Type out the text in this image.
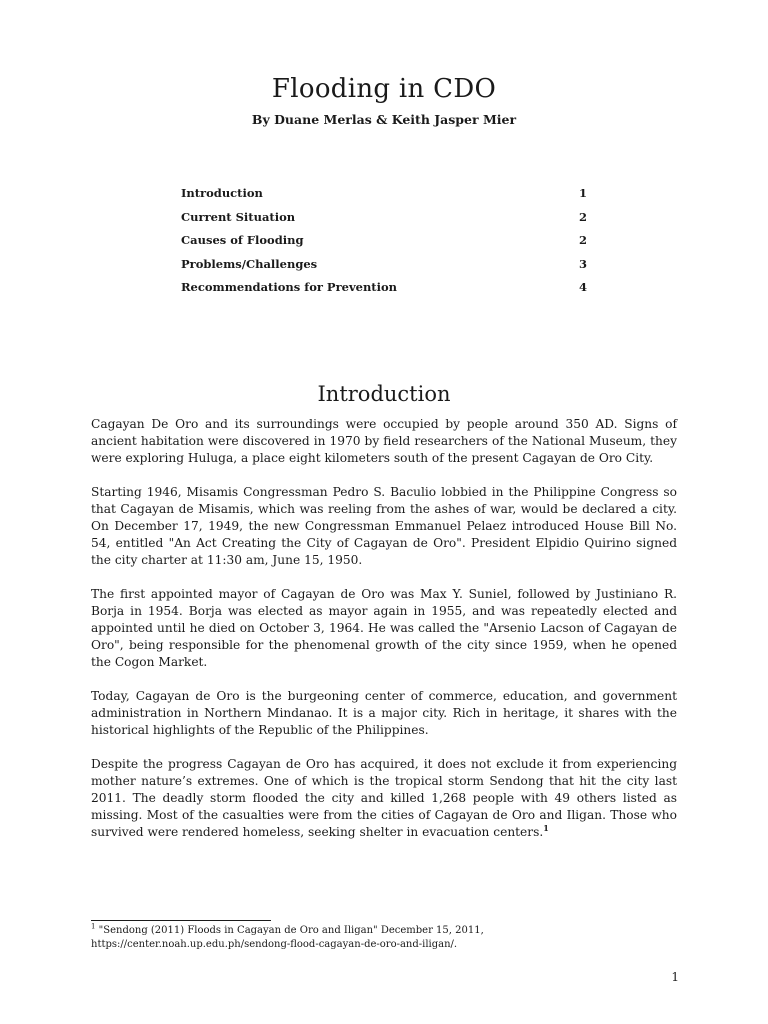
Flooding in CDO
By Duane Merlas & Keith Jasper Mier
Introduction	1
Current Situation	2
Causes of Flooding	2
Problems/Challenges	3
Recommendations for Prevention	4
Introduction

Cagayan De Oro and its surroundings were occupied by people around 350 AD. Signs of ancient habitation were discovered in 1970 by field researchers of the National Museum, they were exploring Huluga, a place eight kilometers south of the present Cagayan de Oro City.

Starting 1946, Misamis Congressman Pedro S. Baculio lobbied in the Philippine Congress so that Cagayan de Misamis, which was reeling from the ashes of war, would be declared a city. On December 17, 1949, the new Congressman Emmanuel Pelaez introduced House Bill No. 54, entitled "An Act Creating the City of Cagayan de Oro". President Elpidio Quirino signed the city charter at 11:30 am, June 15, 1950.

The first appointed mayor of Cagayan de Oro was Max Y. Suniel, followed by Justiniano R. Borja in 1954. Borja was elected as mayor again in 1955, and was repeatedly elected and appointed until he died on October 3, 1964. He was called the "Arsenio Lacson of Cagayan de Oro", being responsible for the phenomenal growth of the city since 1959, when he opened the Cogon Market.

Today, Cagayan de Oro is the burgeoning center of commerce, education, and government administration in Northern Mindanao. It is a major city. Rich in heritage, it shares with the historical highlights of the Republic of the Philippines.

Despite the progress Cagayan de Oro has acquired, it does not exclude it from experiencing mother nature’s extremes. One of which is the tropical storm Sendong that hit the city last 2011. The deadly storm flooded the city and killed 1,268 people with 49 others listed as missing. Most of the casualties were from the cities of Cagayan de Oro and Iligan. Those who survived were rendered homeless, seeking shelter in evacuation centers.$^1$

$^1$ "Sendong (2011) Floods in Cagayan de Oro and Iligan" December 15, 2011,
https://center.noah.up.edu.ph/sendong-flood-cagayan-de-oro-and-iligan/.
1
